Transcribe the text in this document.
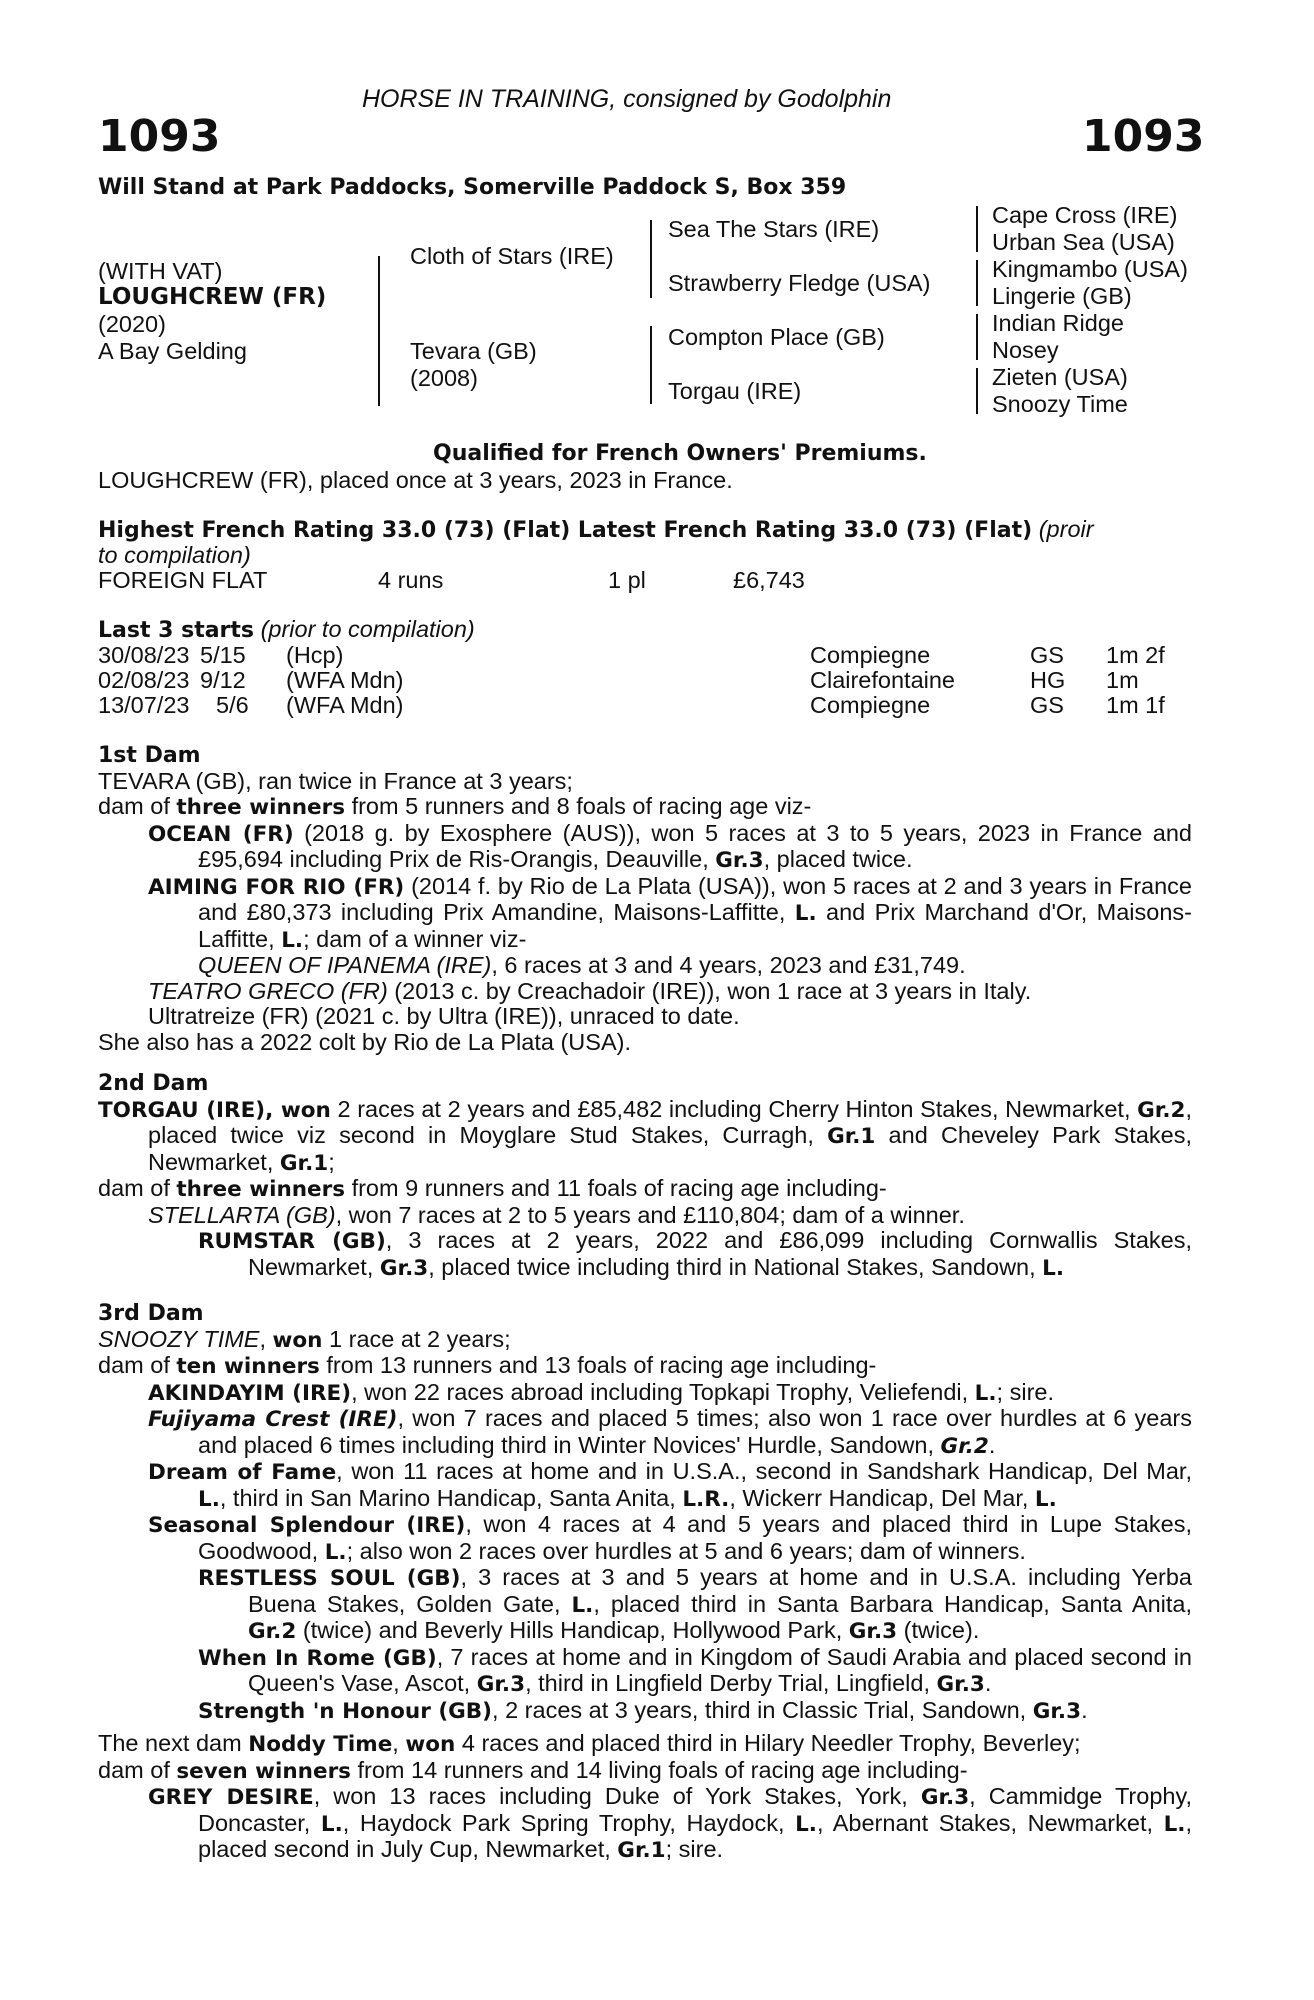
HORSE IN TRAINING, consigned by Godolphin
1093	1093
Will Stand at Park Paddocks, Somerville Paddock S, Box 359
(WITH VAT)
LOUGHCREW (FR)
(2020)
A Bay Gelding
Cloth of Stars (IRE)
Tevara (GB)
(2008)
Sea The Stars (IRE)
Strawberry Fledge (USA)
Compton Place (GB)
Torgau (IRE)
Cape Cross (IRE)
Urban Sea (USA)
Kingmambo (USA)
Lingerie (GB)
Indian Ridge
Nosey
Zieten (USA)
Snoozy Time
Qualified for French Owners' Premiums.
LOUGHCREW (FR), placed once at 3 years, 2023 in France.
Highest French Rating 33.0 (73) (Flat) Latest French Rating 33.0 (73) (Flat) (proir
to compilation)
FOREIGN FLAT	4 runs	1 pl	£6,743
Last 3 starts (prior to compilation)
30/08/23 5/15 (Hcp)	Compiegne	GS 1m 2f
02/08/23 9/12 (WFA Mdn)	Clairefontaine	HG 1m
13/07/23 5/6 (WFA Mdn)	Compiegne	GS 1m 1f

1st Dam

TEVARA (GB), ran twice in France at 3 years;

dam of three winners from 5 runners and 8 foals of racing age viz-

OCEAN (FR) (2018 g. by Exosphere (AUS)), won 5 races at 3 to 5 years, 2023 in France and £95,694 including Prix de Ris-Orangis, Deauville, Gr.3, placed twice.

AIMING FOR RIO (FR) (2014 f. by Rio de La Plata (USA)), won 5 races at 2 and 3 years in France and £80,373 including Prix Amandine, Maisons-Laffitte, L. and Prix Marchand d'Or, Maisons-Laffitte, L.; dam of a winner viz-

QUEEN OF IPANEMA (IRE), 6 races at 3 and 4 years, 2023 and £31,749.

TEATRO GRECO (FR) (2013 c. by Creachadoir (IRE)), won 1 race at 3 years in Italy.

Ultratreize (FR) (2021 c. by Ultra (IRE)), unraced to date.

She also has a 2022 colt by Rio de La Plata (USA).

2nd Dam

TORGAU (IRE), won 2 races at 2 years and £85,482 including Cherry Hinton Stakes, Newmarket, Gr.2, placed twice viz second in Moyglare Stud Stakes, Curragh, Gr.1 and Cheveley Park Stakes, Newmarket, Gr.1;

dam of three winners from 9 runners and 11 foals of racing age including-

STELLARTA (GB), won 7 races at 2 to 5 years and £110,804; dam of a winner.

RUMSTAR (GB), 3 races at 2 years, 2022 and £86,099 including Cornwallis Stakes, Newmarket, Gr.3, placed twice including third in National Stakes, Sandown, L.

3rd Dam

SNOOZY TIME, won 1 race at 2 years;

dam of ten winners from 13 runners and 13 foals of racing age including-

AKINDAYIM (IRE), won 22 races abroad including Topkapi Trophy, Veliefendi, L.; sire.

Fujiyama Crest (IRE), won 7 races and placed 5 times; also won 1 race over hurdles at 6 years and placed 6 times including third in Winter Novices' Hurdle, Sandown, Gr.2.

Dream of Fame, won 11 races at home and in U.S.A., second in Sandshark Handicap, Del Mar, L., third in San Marino Handicap, Santa Anita, L.R., Wickerr Handicap, Del Mar, L.

Seasonal Splendour (IRE), won 4 races at 4 and 5 years and placed third in Lupe Stakes, Goodwood, L.; also won 2 races over hurdles at 5 and 6 years; dam of winners.

RESTLESS SOUL (GB), 3 races at 3 and 5 years at home and in U.S.A. including Yerba Buena Stakes, Golden Gate, L., placed third in Santa Barbara Handicap, Santa Anita, Gr.2 (twice) and Beverly Hills Handicap, Hollywood Park, Gr.3 (twice).

When In Rome (GB), 7 races at home and in Kingdom of Saudi Arabia and placed second in Queen's Vase, Ascot, Gr.3, third in Lingfield Derby Trial, Lingfield, Gr.3.

Strength 'n Honour (GB), 2 races at 3 years, third in Classic Trial, Sandown, Gr.3.

The next dam Noddy Time, won 4 races and placed third in Hilary Needler Trophy, Beverley;

dam of seven winners from 14 runners and 14 living foals of racing age including-

GREY DESIRE, won 13 races including Duke of York Stakes, York, Gr.3, Cammidge Trophy, Doncaster, L., Haydock Park Spring Trophy, Haydock, L., Abernant Stakes, Newmarket, L., placed second in July Cup, Newmarket, Gr.1; sire.
